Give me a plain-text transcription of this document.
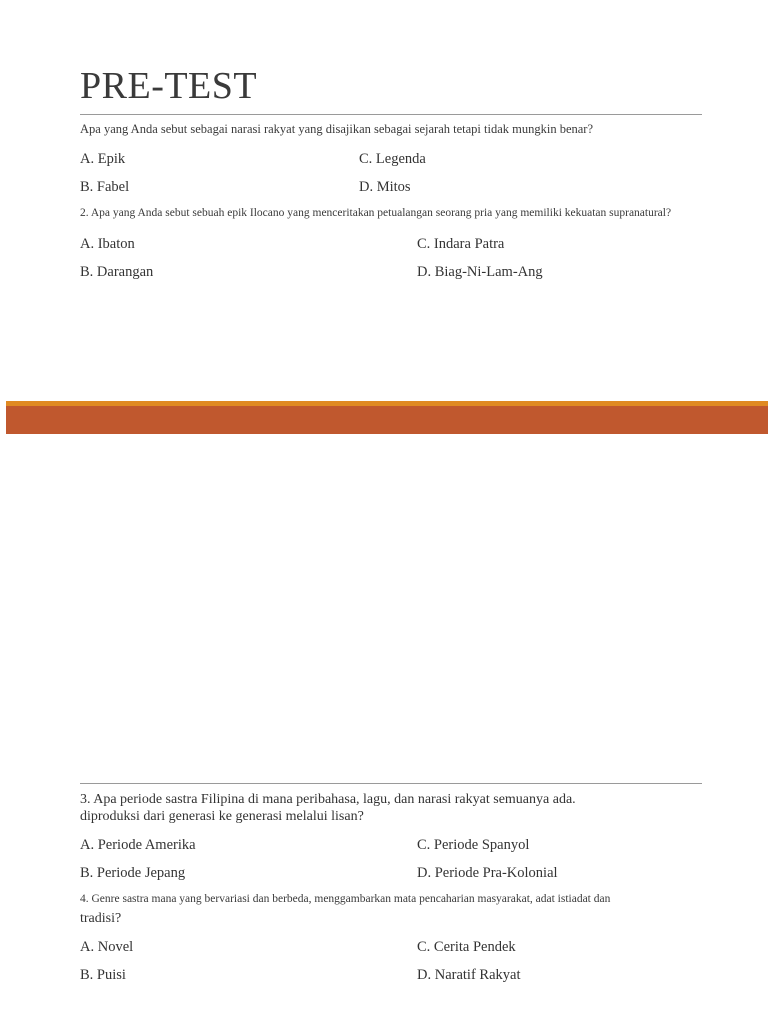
PRE-TEST
Apa yang Anda sebut sebagai narasi rakyat yang disajikan sebagai sejarah tetapi tidak mungkin benar?
A. Epik	C. Legenda
B. Fabel	D. Mitos
2. Apa yang Anda sebut sebuah epik Ilocano yang menceritakan petualangan seorang pria yang memiliki kekuatan supranatural?
A. Ibaton	C. Indara Patra
B. Darangan	D. Biag-Ni-Lam-Ang
3. Apa periode sastra Filipina di mana peribahasa, lagu, dan narasi rakyat semuanya ada.
diproduksi dari generasi ke generasi melalui lisan?
A. Periode Amerika	C. Periode Spanyol
B. Periode Jepang	D. Periode Pra-Kolonial
4. Genre sastra mana yang bervariasi dan berbeda, menggambarkan mata pencaharian masyarakat, adat istiadat dan
tradisi?
A. Novel	C. Cerita Pendek
B. Puisi	D. Naratif Rakyat
